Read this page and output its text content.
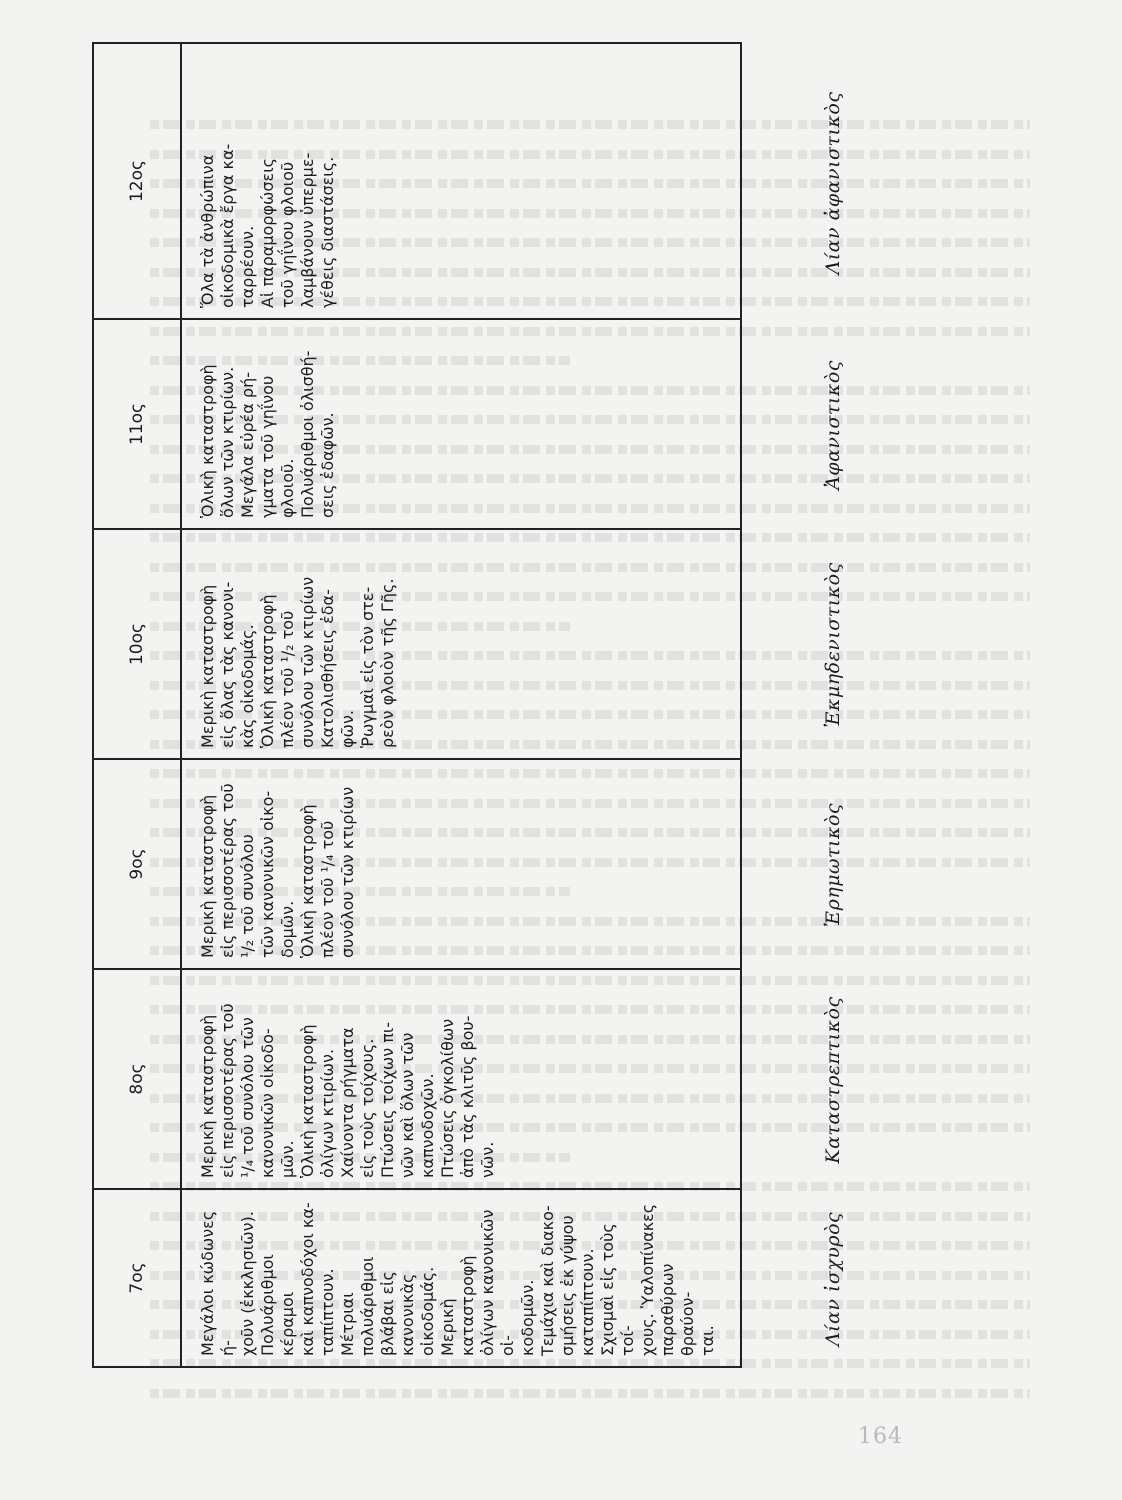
164
7ος
8ος
9ος
10ος
11ος
12ος
Μεγάλοι κώδωνες ή-
χοῦν (ἐκκλησιῶν).
Πολυάριθμοι κέραμοι
καὶ καπνοδόχοι κα-
ταπίπτουν.
Μέτριαι πολυάριθμοι
βλάβαι εἰς κανονικὰς
οἰκοδομάς.
Μερικὴ καταστροφὴ
ὀλίγων κανονικῶν οἰ-
κοδομῶν.
Τεμάχια καὶ διακο-
σμήσεις ἐκ γύψου
καταπίπτουν.
Σχισμαὶ εἰς τοὺς τοί-
χους. Ὑαλοπίνακες
παραθύρων θραύον-
ται.
Μερικὴ καταστροφὴ
εἰς περισσοτέρας τοῦ
¹/₄ τοῦ συνόλου τῶν
κανονικῶν οἰκοδο-
μῶν.
Ὁλικὴ καταστροφὴ
ὀλίγων κτιρίων.
Χαίνοντα ρήγματα
εἰς τοὺς τοίχους.
Πτώσεις τοίχων πι-
νῶν καὶ ὅλων τῶν
καπνοδοχῶν.
Πτώσεις ὀγκολίθων
ἀπὸ τὰς κλιτῦς βου-
νῶν.
Μερικὴ καταστροφὴ
εἰς περισσοτέρας τοῦ
¹/₂ τοῦ συνόλου
τῶν κανονικῶν οἰκο-
δομῶν.
Ὁλικὴ καταστροφὴ
πλέον τοῦ ¹/₄ τοῦ
συνόλου τῶν κτιρίων
Μερικὴ καταστροφὴ
εἰς ὅλας τὰς κανονι-
κὰς οἰκοδομάς.
Ὁλικὴ καταστροφὴ
πλέον τοῦ ¹/₂ τοῦ
συνόλου τῶν κτιρίων
Κατολισθήσεις ἐδα-
φῶν.
Ῥωγμαὶ εἰς τὸν στε-
ρεὸν φλοιὸν τῆς Γῆς.
Ὁλικὴ καταστροφὴ
ὅλων τῶν κτιρίων.
Μεγάλα εὐρέα ρή-
γματα τοῦ γηΐνου
φλοιοῦ.
Πολυάριθμοι ὀλισθή-
σεις ἐδαφῶν.
Ὅλα τὰ ἀνθρώπινα
οἰκοδομικὰ ἔργα κα-
ταρρέουν.
Αἱ παραμορφώσεις
τοῦ γηΐνου φλοιοῦ
λαμβάνουν ὑπερμε-
γέθεις διαστάσεις.
Λίαν ἰσχυρὸς
Καταστρεπτικὸς
Ἐρημωτικὸς
Ἐκμηδενιστικὸς
Ἀφανιστικὸς
Λίαν ἀφανιστικὸς
